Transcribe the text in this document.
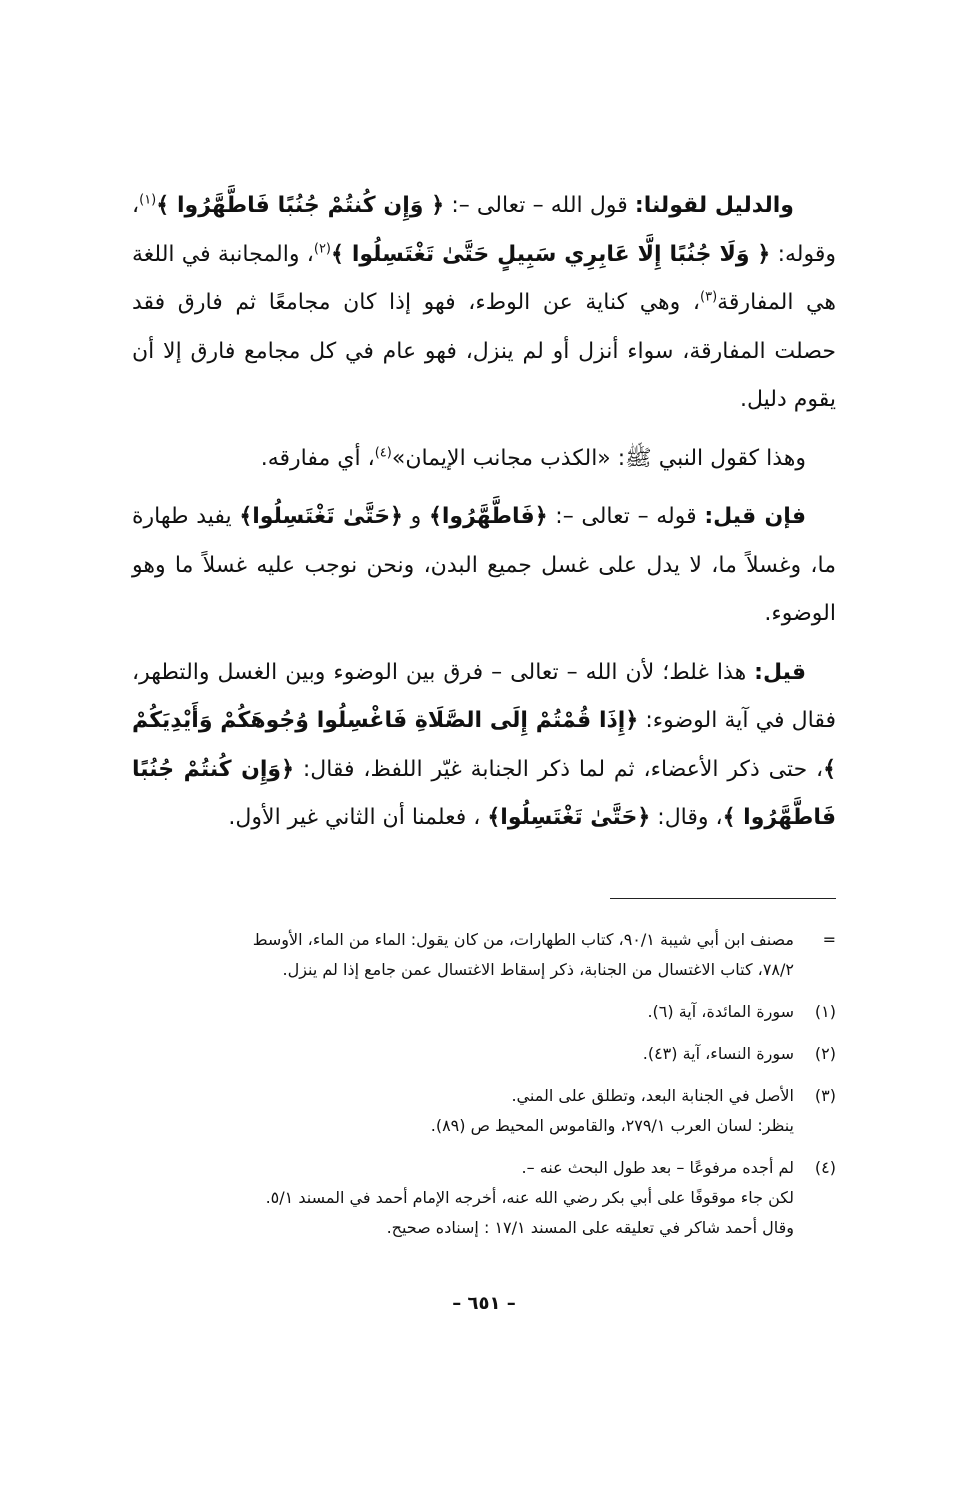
والدليل لقولنا: قول الله – تعالى –: ﴿ وَإِن كُنتُمْ جُنُبًا فَاطَّهَّرُوا ﴾$^{(١)}$، وقوله: ﴿ وَلَا جُنُبًا إِلَّا عَابِرِي سَبِيلٍ حَتَّىٰ تَغْتَسِلُوا ﴾$^{(٢)}$، والمجانبة في اللغة هي المفارقة$^{(٣)}$، وهي كناية عن الوطء، فهو إذا كان مجامعًا ثم فارق فقد حصلت المفارقة، سواء أنزل أو لم ينزل، فهو عام في كل مجامع فارق إلا أن يقوم دليل.

وهذا كقول النبي ﷺ: «الكذب مجانب الإيمان»$^{(٤)}$، أي مفارقه.

فإن قيل: قوله – تعالى –: ﴿فَاطَّهَّرُوا﴾ و ﴿حَتَّىٰ تَغْتَسِلُوا﴾ يفيد طهارة ما، وغسلاً ما، لا يدل على غسل جميع البدن، ونحن نوجب عليه غسلاً ما وهو الوضوء.

قيل: هذا غلط؛ لأن الله – تعالى – فرق بين الوضوء وبين الغسل والتطهر، فقال في آية الوضوء: ﴿إِذَا قُمْتُمْ إِلَى الصَّلَاةِ فَاغْسِلُوا وُجُوهَكُمْ وَأَيْدِيَكُمْ ﴾، حتى ذكر الأعضاء، ثم لما ذكر الجنابة غيّر اللفظ، فقال: ﴿وَإِن كُنتُمْ جُنُبًا فَاطَّهَّرُوا ﴾، وقال: ﴿حَتَّىٰ تَغْتَسِلُوا﴾ ، فعلمنا أن الثاني غير الأول.

=
مصنف ابن أبي شيبة ٩٠/١، كتاب الطهارات، من كان يقول: الماء من الماء، الأوسط
٧٨/٢، كتاب الاغتسال من الجنابة، ذكر إسقاط الاغتسال عمن جامع إذا لم ينزل.
(١)
سورة المائدة، آية (٦).
(٢)
سورة النساء، آية (٤٣).
(٣)
الأصل في الجنابة البعد، وتطلق على المني.
ينظر: لسان العرب ٢٧٩/١، والقاموس المحيط ص (٨٩).
(٤)
لم أجده مرفوعًا – بعد طول البحث عنه –.
لكن جاء موقوفًا على أبي بكر رضي الله عنه، أخرجه الإمام أحمد في المسند ٥/١.
وقال أحمد شاكر في تعليقه على المسند ١٧/١ : إسناده صحيح.
– ٦٥١ –
